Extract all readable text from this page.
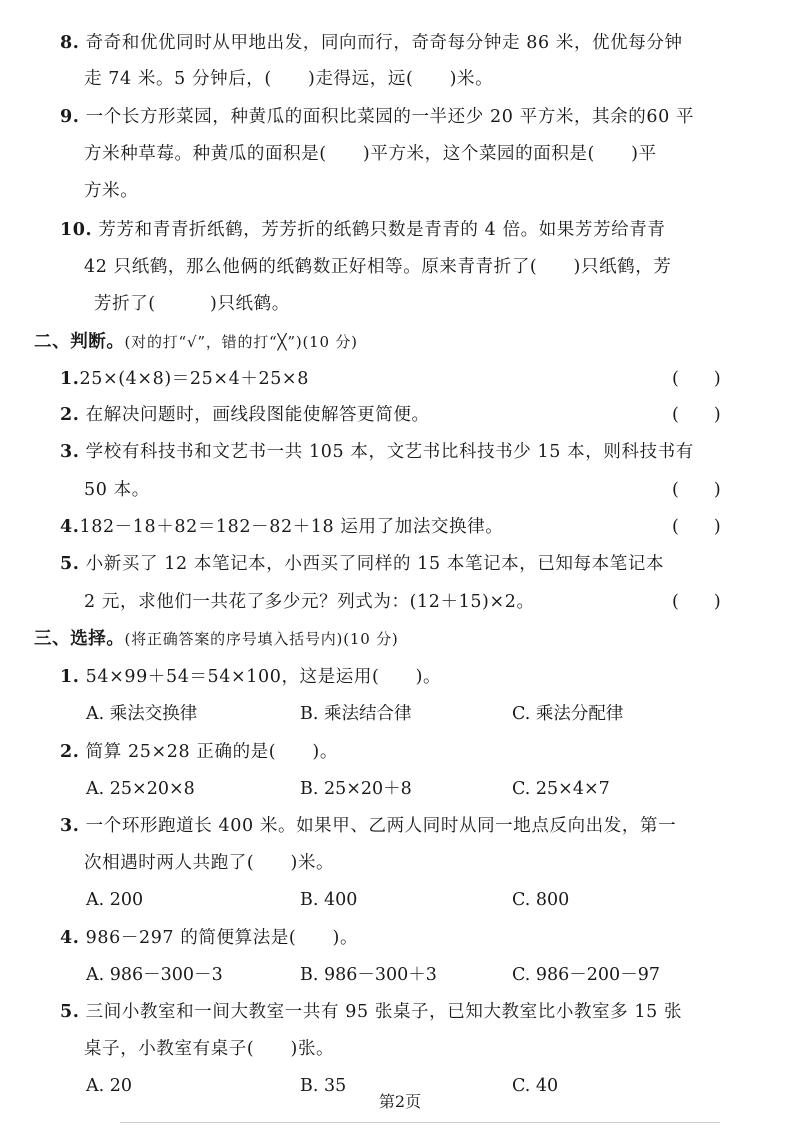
8. 奇奇和优优同时从甲地出发，同向而行，奇奇每分钟走 86 米，优优每分钟
走 74 米。5 分钟后，(　　)走得远，远(　　)米。
9. 一个长方形菜园，种黄瓜的面积比菜园的一半还少 20 平方米，其余的60 平
方米种草莓。种黄瓜的面积是(　　)平方米，这个菜园的面积是(　　)平
方米。
10. 芳芳和青青折纸鹤，芳芳折的纸鹤只数是青青的 4 倍。如果芳芳给青青
42 只纸鹤，那么他俩的纸鹤数正好相等。原来青青折了(　　)只纸鹤，芳
芳折了(　　　)只纸鹤。
二、判断。(对的打“√”，错的打“╳”)(10 分)
1.25×(4×8)＝25×4＋25×8	(　　)
2. 在解决问题时，画线段图能使解答更简便。	(　　)
3. 学校有科技书和文艺书一共 105 本，文艺书比科技书少 15 本，则科技书有
50 本。	(　　)
4.182－18＋82＝182－82＋18 运用了加法交换律。	(　　)
5. 小新买了 12 本笔记本，小西买了同样的 15 本笔记本，已知每本笔记本
2 元，求他们一共花了多少元？列式为：(12＋15)×2。	(　　)
三、选择。(将正确答案的序号填入括号内)(10 分)
1. 54×99＋54＝54×100，这是运用(　　)。
A. 乘法交换律	B. 乘法结合律	C. 乘法分配律
2. 简算 25×28 正确的是(　　)。
A. 25×20×8	B. 25×20＋8	C. 25×4×7
3. 一个环形跑道长 400 米。如果甲、乙两人同时从同一地点反向出发，第一
次相遇时两人共跑了(　　)米。
A. 200	B. 400	C. 800
4. 986－297 的简便算法是(　　)。
A. 986－300－3	B. 986－300＋3	C. 986－200－97
5. 三间小教室和一间大教室一共有 95 张桌子，已知大教室比小教室多 15 张
桌子，小教室有桌子(　　)张。
A. 20	B. 35	C. 40
第2页
